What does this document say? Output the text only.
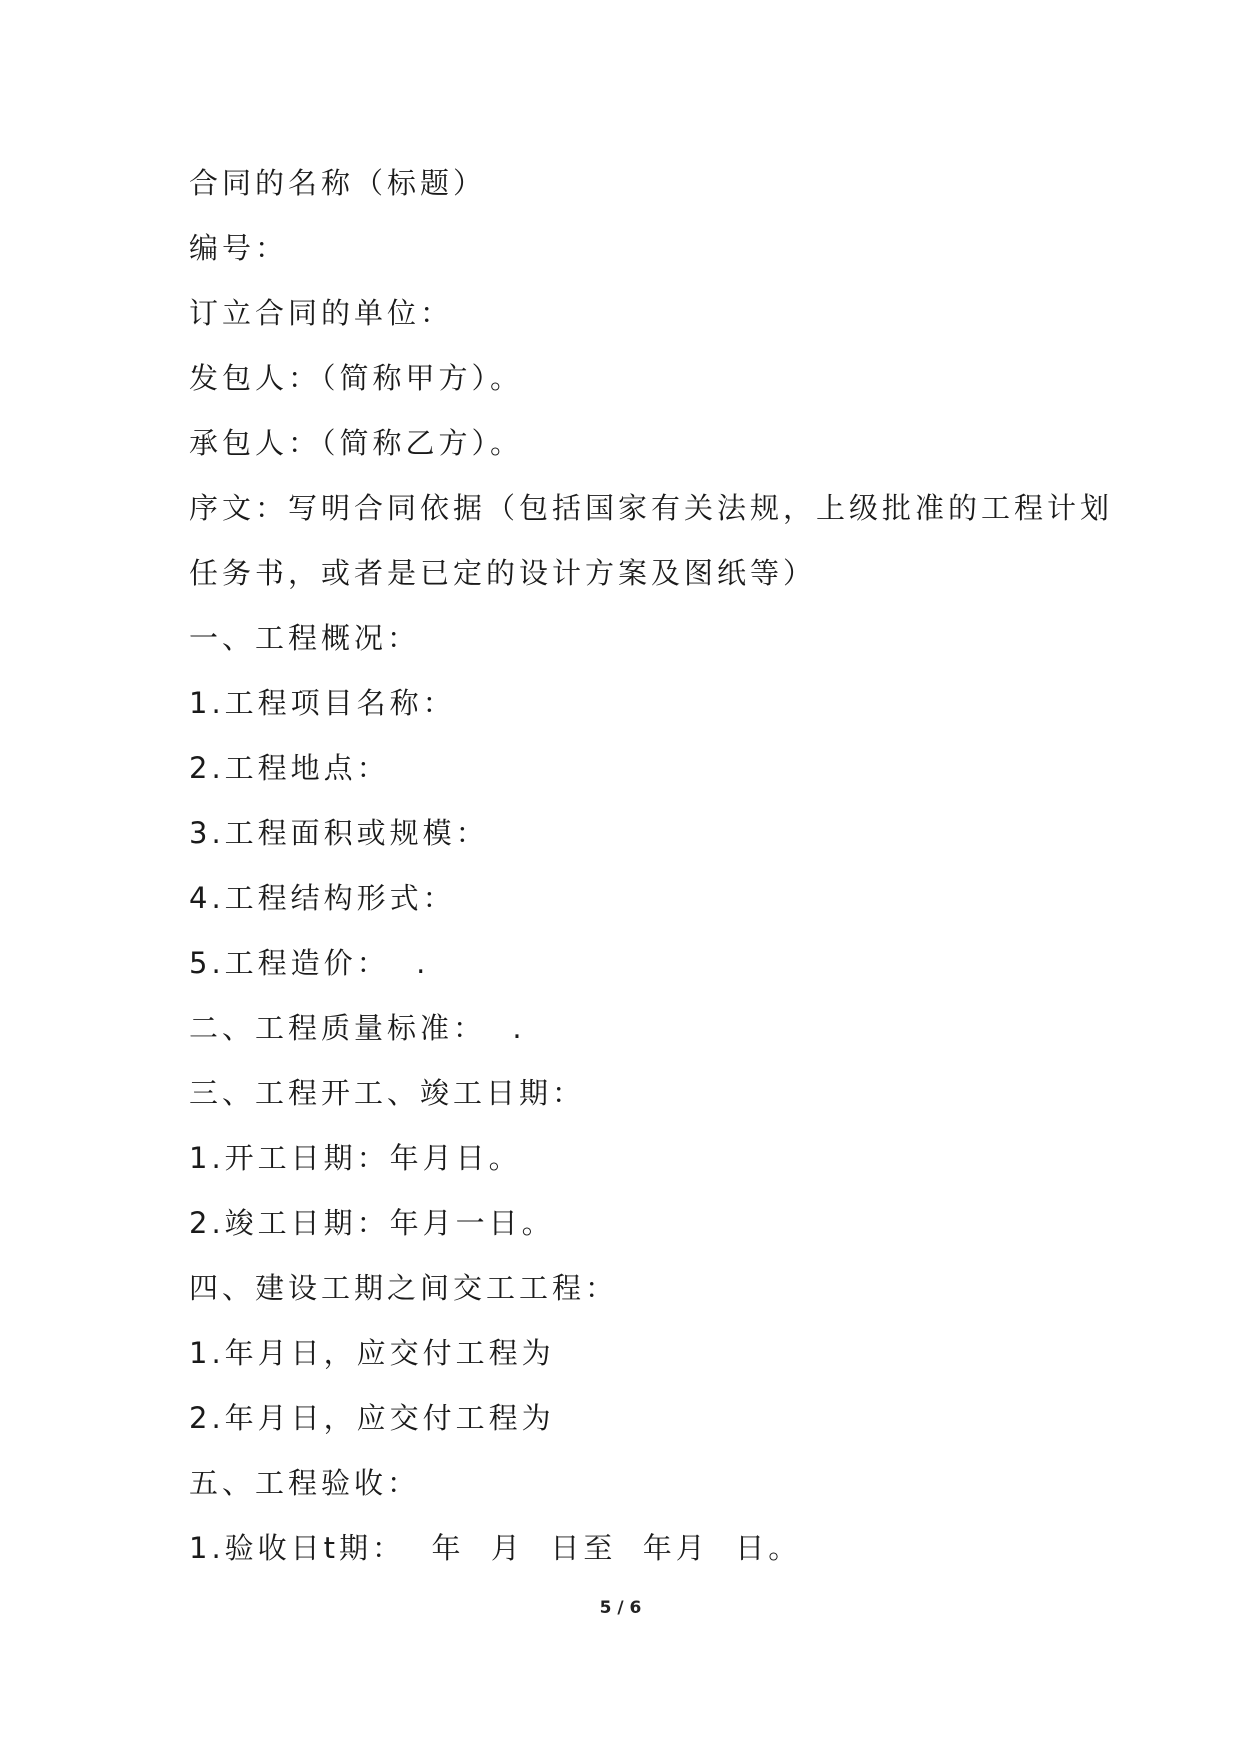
合同的名称（标题）
编号：
订立合同的单位：
发包人：（简称甲方）。
承包人：（简称乙方）。
序文：写明合同依据（包括国家有关法规，上级批准的工程计划
任务书，或者是已定的设计方案及图纸等）
一、工程概况：
1.工程项目名称：
2.工程地点：
3.工程面积或规模：
4.工程结构形式：
5.工程造价：  .
二、工程质量标准：  .
三、工程开工、竣工日期：
1.开工日期：年月日。
2.竣工日期：年月一日。
四、建设工期之间交工工程：
1.年月日，应交付工程为
2.年月日，应交付工程为
五、工程验收：
1.验收日t期：  年  月  日至  年月  日。
5 / 6
